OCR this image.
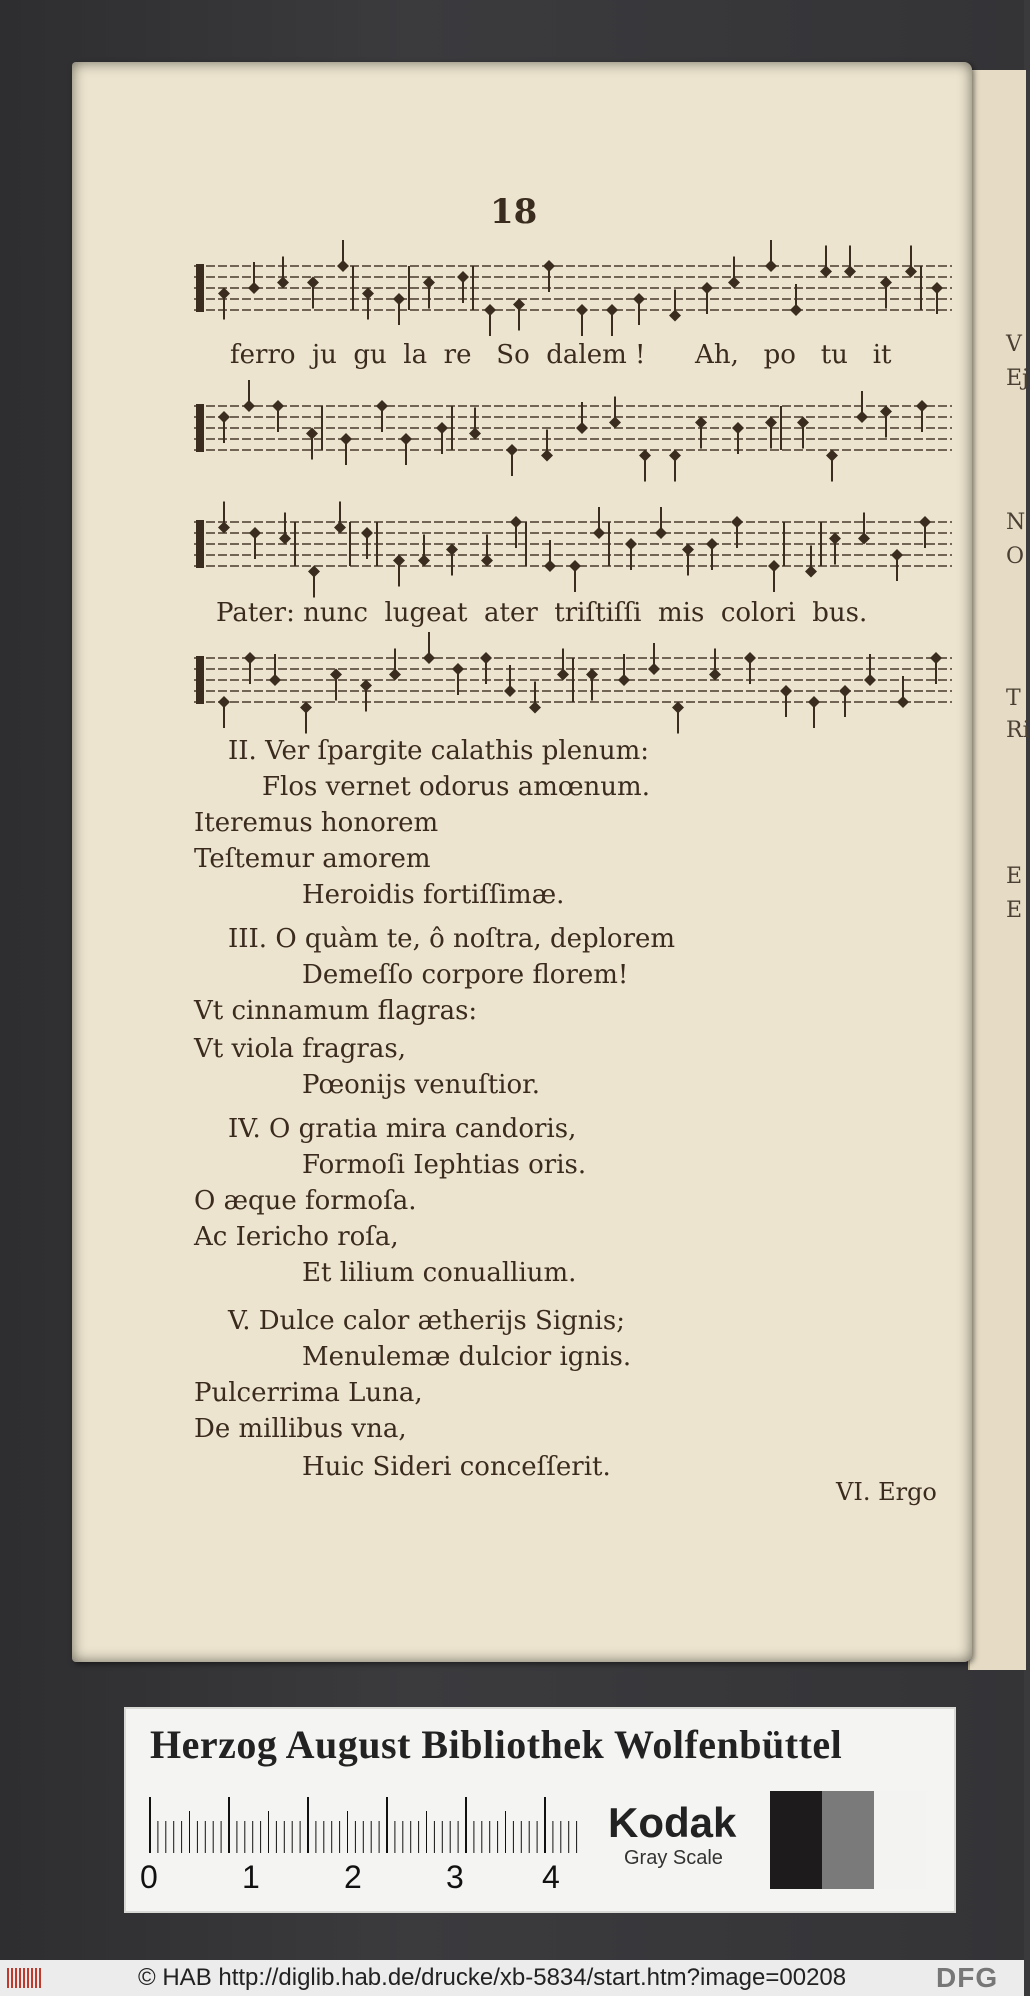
V
Ej
N
O
T
Ri
E
E
18
ferro  ju  gu  la  re   So  dalem !      Ah,   po   tu   it
Pater: nunc  lugeat  ater  triſtiſſi  mis  colori  bus.
II. Ver ſpargite calathis plenum:
Flos vernet odorus amœnum.
Iteremus honorem
Teſtemur amorem
Heroidis fortiſſimæ.
III. O quàm te, ô noſtra, deplorem
Demeſſo corpore florem!
Vt cinnamum flagras:
Vt viola fragras,
Pœonijs venuſtior.
IV. O gratia mira candoris,
Formoſi Iephtias oris.
O æque formoſa.
Ac Iericho roſa,
Et lilium conuallium.
V. Dulce calor ætherijs Signis;
Menulemæ dulcior ignis.
Pulcerrima Luna,
De millibus vna,
Huic Sideri conceſſerit.
VI. Ergo
Herzog August Bibliothek Wolfenbüttel
0	1	2	3 4
Kodak
Gray Scale
© HAB http://diglib.hab.de/drucke/xb-5834/start.htm?image=00208	DFG
